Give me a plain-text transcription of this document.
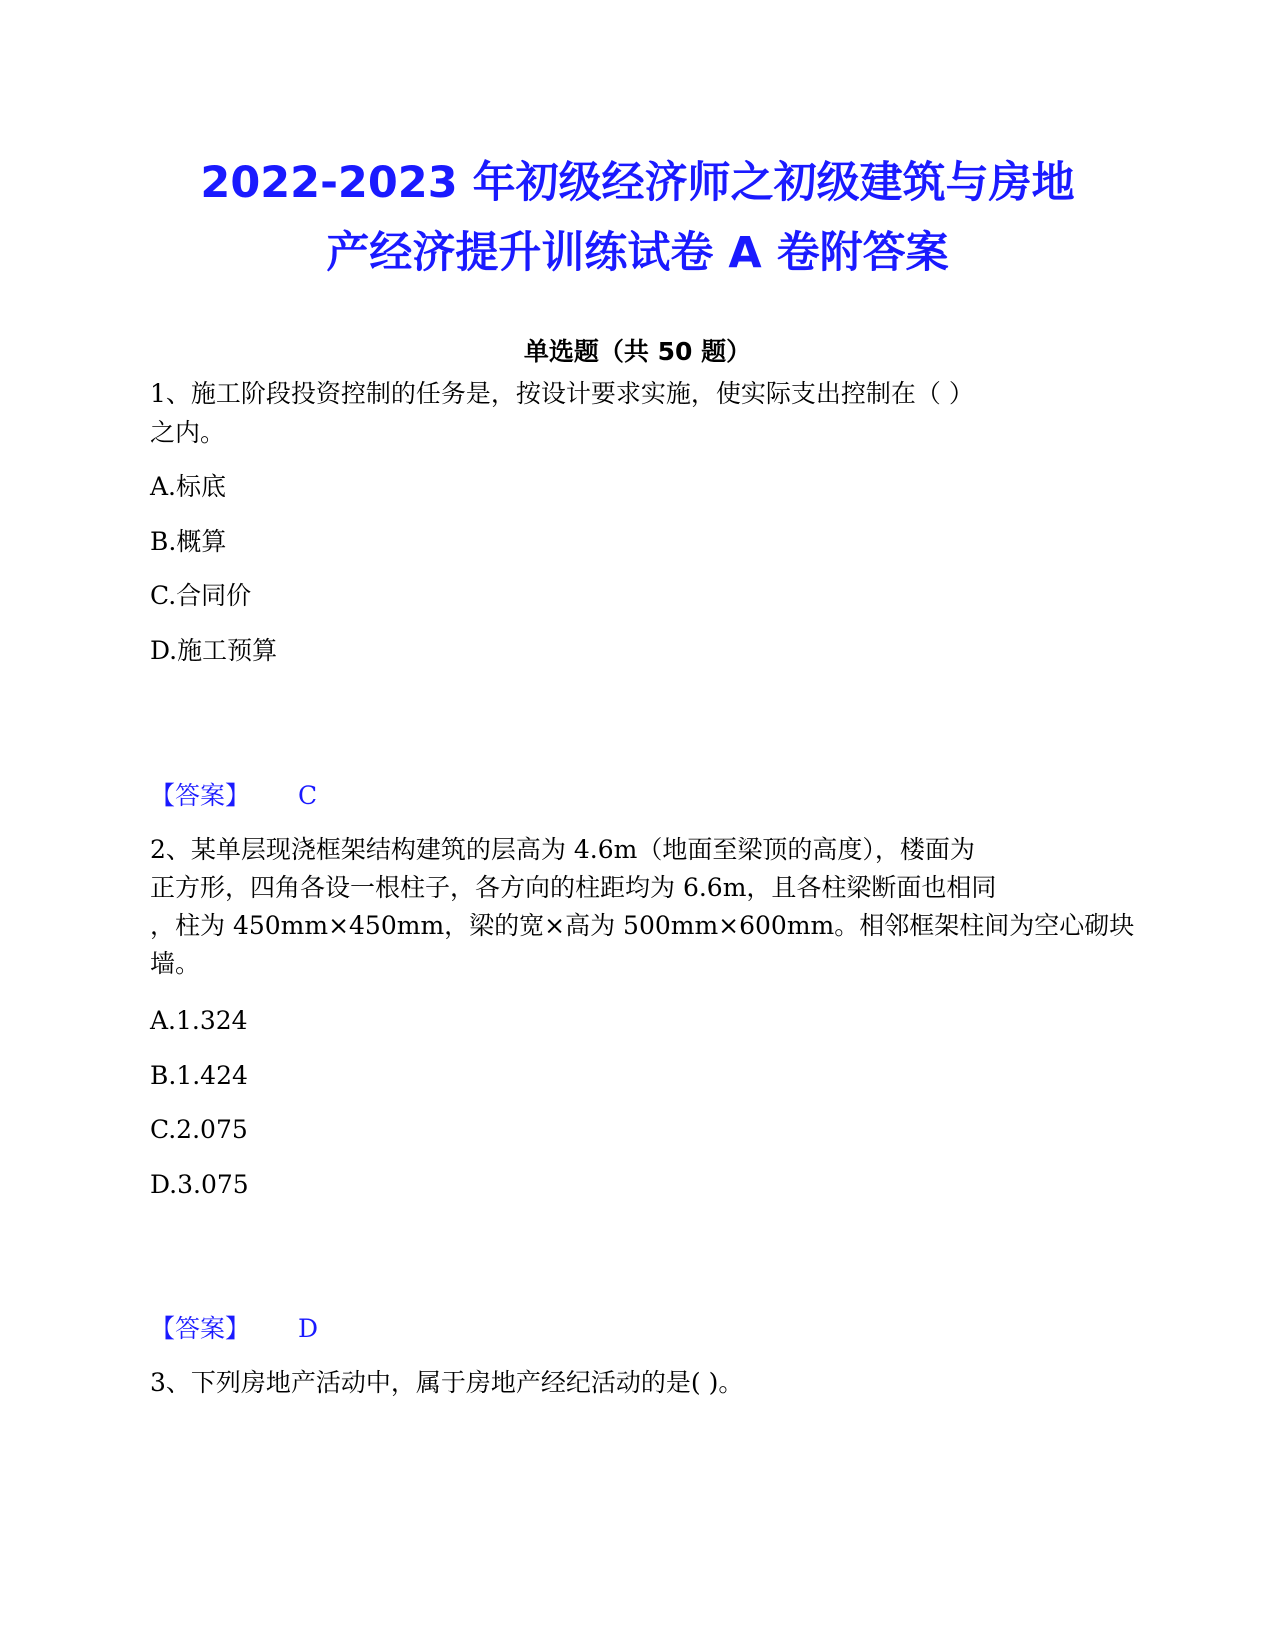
2022-2023 年初级经济师之初级建筑与房地
产经济提升训练试卷 A 卷附答案
单选题（共 50 题）
1、施工阶段投资控制的任务是，按设计要求实施，使实际支出控制在（ ）
之内。
A.标底
B.概算
C.合同价
D.施工预算
【答案】 C
2、某单层现浇框架结构建筑的层高为 4.6m（地面至梁顶的高度），楼面为
正方形，四角各设一根柱子，各方向的柱距均为 6.6m，且各柱梁断面也相同
，柱为 450mm×450mm，梁的宽×高为 500mm×600mm。相邻框架柱间为空心砌块
墙。
A.1.324
B.1.424
C.2.075
D.3.075
【答案】 D
3、下列房地产活动中，属于房地产经纪活动的是( )。
